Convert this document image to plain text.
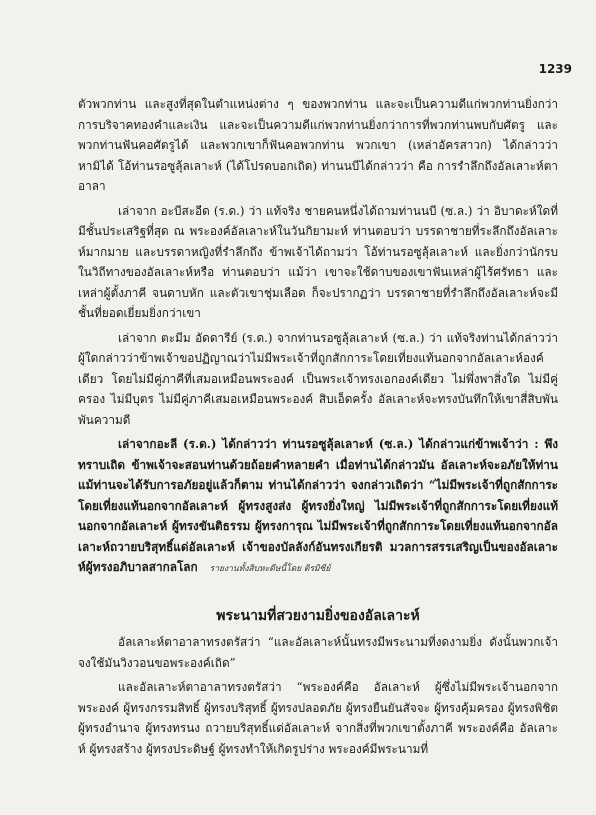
1239

ตัวพวกท่าน และสูงที่สุดในตำแหน่งต่าง ๆ ของพวกท่าน และจะเป็นความดีแก่พวกท่านยิ่งกว่าการบริจาคทองคำและเงิน และจะเป็นความดีแก่พวกท่านยิ่งกว่าการที่พวกท่านพบกับศัตรู และพวกท่านฟันคอศัตรูได้ และพวกเขาก็ฟันคอพวกท่าน พวกเขา (เหล่าอัครสาวก) ได้กล่าวว่า หามิได้ โอ้ท่านรอซูลุ้ลเลาะห์ (ได้โปรดบอกเถิด) ท่านนบีได้กล่าวว่า คือ การรำลึกถึงอัลเลาะห์ตาอาลา

เล่าจาก อะบีสะอีด (ร.ด.) ว่า แท้จริง ชายคนหนึ่งได้ถามท่านนบี (ซ.ล.) ว่า อิบาดะห์ใดที่มีชั้นประเสริฐที่สุด ณ พระองค์อัลเลาะห์ในวันกิยามะห์ ท่านตอบว่า บรรดาชายที่ระลึกถึงอัลเลาะห์มากมาย และบรรดาหญิงที่รำลึกถึง ข้าพเจ้าได้ถามว่า โอ้ท่านรอซูลุ้ลเลาะห์ และยิ่งกว่านักรบในวิถีทางของอัลเลาะห์หรือ ท่านตอบว่า แม้ว่า เขาจะใช้ดาบของเขาฟันเหล่าผู้ไร้ศรัทธา และเหล่าผู้ตั้งภาคี จนดาบหัก และตัวเขาชุ่มเลือด ก็จะปรากฏว่า บรรดาชายที่รำลึกถึงอัลเลาะห์จะมีชั้นที่ยอดเยี่ยมยิ่งกว่าเขา

เล่าจาก ตะมีม อัดดารีย์ (ร.ด.) จากท่านรอซูลุ้ลเลาะห์ (ซ.ล.) ว่า แท้จริงท่านได้กล่าวว่า ผู้ใดกล่าวว่าข้าพเจ้าขอปฏิญาณว่าไม่มีพระเจ้าที่ถูกสักการะโดยเที่ยงแท้นอกจากอัลเลาะห์องค์เดียว โดยไม่มีคู่ภาคีที่เสมอเหมือนพระองค์ เป็นพระเจ้าทรงเอกองค์เดียว ไม่พึ่งพาสิ่งใด ไม่มีคู่ครอง ไม่มีบุตร ไม่มีคู่ภาคีเสมอเหมือนพระองค์ สิบเอ็ดครั้ง อัลเลาะห์จะทรงบันทึกให้เขาสี่สิบพันพันความดี

เล่าจากอะลี (ร.ด.) ได้กล่าวว่า ท่านรอซูลุ้ลเลาะห์ (ซ.ล.) ได้กล่าวแก่ข้าพเจ้าว่า : พึงทราบเถิด ข้าพเจ้าจะสอนท่านด้วยถ้อยคำหลายคำ เมื่อท่านได้กล่าวมัน อัลเลาะห์จะอภัยให้ท่าน แม้ท่านจะได้รับการอภัยอยู่แล้วก็ตาม ท่านได้กล่าวว่า จงกล่าวเถิดว่า “ไม่มีพระเจ้าที่ถูกสักการะโดยเที่ยงแท้นอกจากอัลเลาะห์ ผู้ทรงสูงส่ง ผู้ทรงยิ่งใหญ่ ไม่มีพระเจ้าที่ถูกสักการะโดยเที่ยงแท้นอกจากอัลเลาะห์ ผู้ทรงขันติธรรม ผู้ทรงการุณ ไม่มีพระเจ้าที่ถูกสักการะโดยเที่ยงแท้นอกจากอัลเลาะห์ถวายบริสุทธิ์แด่อัลเลาะห์ เจ้าของบัลลังก์อันทรงเกียรติ มวลการสรรเสริญเป็นของอัลเลาะห์ผู้ทรงอภิบาลสากลโลก รายงานทั้งสิบหะดีษนี้โดย ติรมิซีย์

พระนามที่สวยงามยิ่งของอัลเลาะห์

อัลเลาะห์ตาอาลาทรงตรัสว่า “และอัลเลาะห์นั้นทรงมีพระนามที่งดงามยิ่ง ดังนั้นพวกเจ้าจงใช้มันวิงวอนขอพระองค์เถิด”

และอัลเลาะห์ตาอาลาทรงตรัสว่า “พระองค์คือ อัลเลาะห์ ผู้ซึ่งไม่มีพระเจ้านอกจากพระองค์ ผู้ทรงกรรมสิทธิ์ ผู้ทรงบริสุทธิ์ ผู้ทรงปลอดภัย ผู้ทรงยืนยันสัจจะ ผู้ทรงคุ้มครอง ผู้ทรงพิชิต ผู้ทรงอำนาจ ผู้ทรงทรนง ถวายบริสุทธิ์แด่อัลเลาะห์ จากสิ่งที่พวกเขาตั้งภาคี พระองค์คือ อัลเลาะห์ ผู้ทรงสร้าง ผู้ทรงประดิษฐ์ ผู้ทรงทำให้เกิดรูปร่าง พระองค์มีพระนามที่
